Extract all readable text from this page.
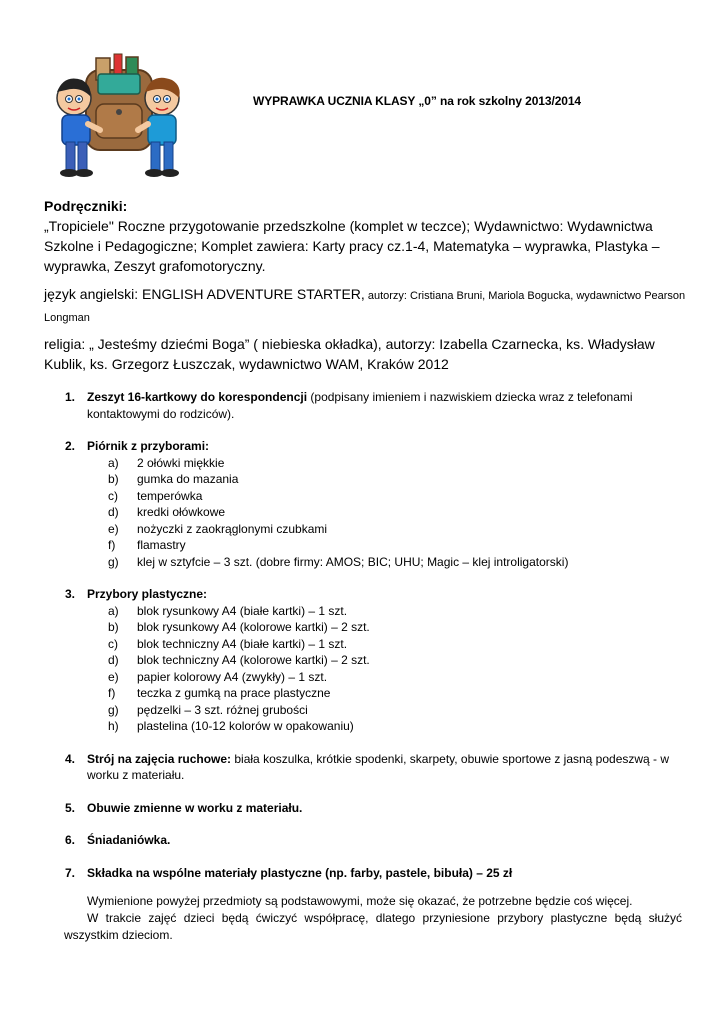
WYPRAWKA UCZNIA KLASY „0” na rok szkolny 2013/2014
Podręczniki:
„Tropiciele" Roczne przygotowanie przedszkolne (komplet w teczce); Wydawnictwo: Wydawnictwa Szkolne i Pedagogiczne; Komplet zawiera: Karty pracy cz.1-4, Matematyka – wyprawka, Plastyka – wyprawka, Zeszyt grafomotoryczny.
język angielski: ENGLISH ADVENTURE STARTER, autorzy: Cristiana Bruni, Mariola Bogucka, wydawnictwo Pearson Longman
religia: „ Jesteśmy dziećmi Boga” ( niebieska okładka), autorzy: Izabella Czarnecka, ks. Władysław Kublik, ks. Grzegorz Łuszczak, wydawnictwo WAM, Kraków 2012
1. Zeszyt 16-kartkowy do korespondencji (podpisany imieniem i nazwiskiem dziecka wraz z telefonami kontaktowymi do rodziców).
2. Piórnik z przyborami:
a) 2 ołówki miękkie
b) gumka do mazania
c) temperówka
d) kredki ołówkowe
e) nożyczki z zaokrąglonymi czubkami
f) flamastry
g) klej w sztyfcie – 3 szt. (dobre firmy: AMOS; BIC; UHU; Magic – klej introligatorski)
3. Przybory plastyczne:
a) blok rysunkowy A4 (białe kartki) – 1 szt.
b) blok rysunkowy A4 (kolorowe kartki) – 2 szt.
c) blok techniczny A4 (białe kartki) – 1 szt.
d) blok techniczny A4 (kolorowe kartki) – 2 szt.
e) papier kolorowy A4 (zwykły) – 1 szt.
f) teczka z gumką na prace plastyczne
g) pędzelki – 3 szt. różnej grubości
h) plastelina (10-12 kolorów w opakowaniu)
4. Strój na zajęcia ruchowe: biała koszulka, krótkie spodenki, skarpety, obuwie sportowe z jasną podeszwą - w worku z materiału.
5. Obuwie zmienne w worku z materiału.
6. Śniadaniówka.
7. Składka na wspólne materiały plastyczne (np. farby, pastele, bibuła) – 25 zł
Wymienione powyżej przedmioty są podstawowymi, może się okazać, że potrzebne będzie coś więcej.
W trakcie zajęć dzieci będą ćwiczyć współpracę, dlatego przyniesione przybory plastyczne będą służyć wszystkim dzieciom.
